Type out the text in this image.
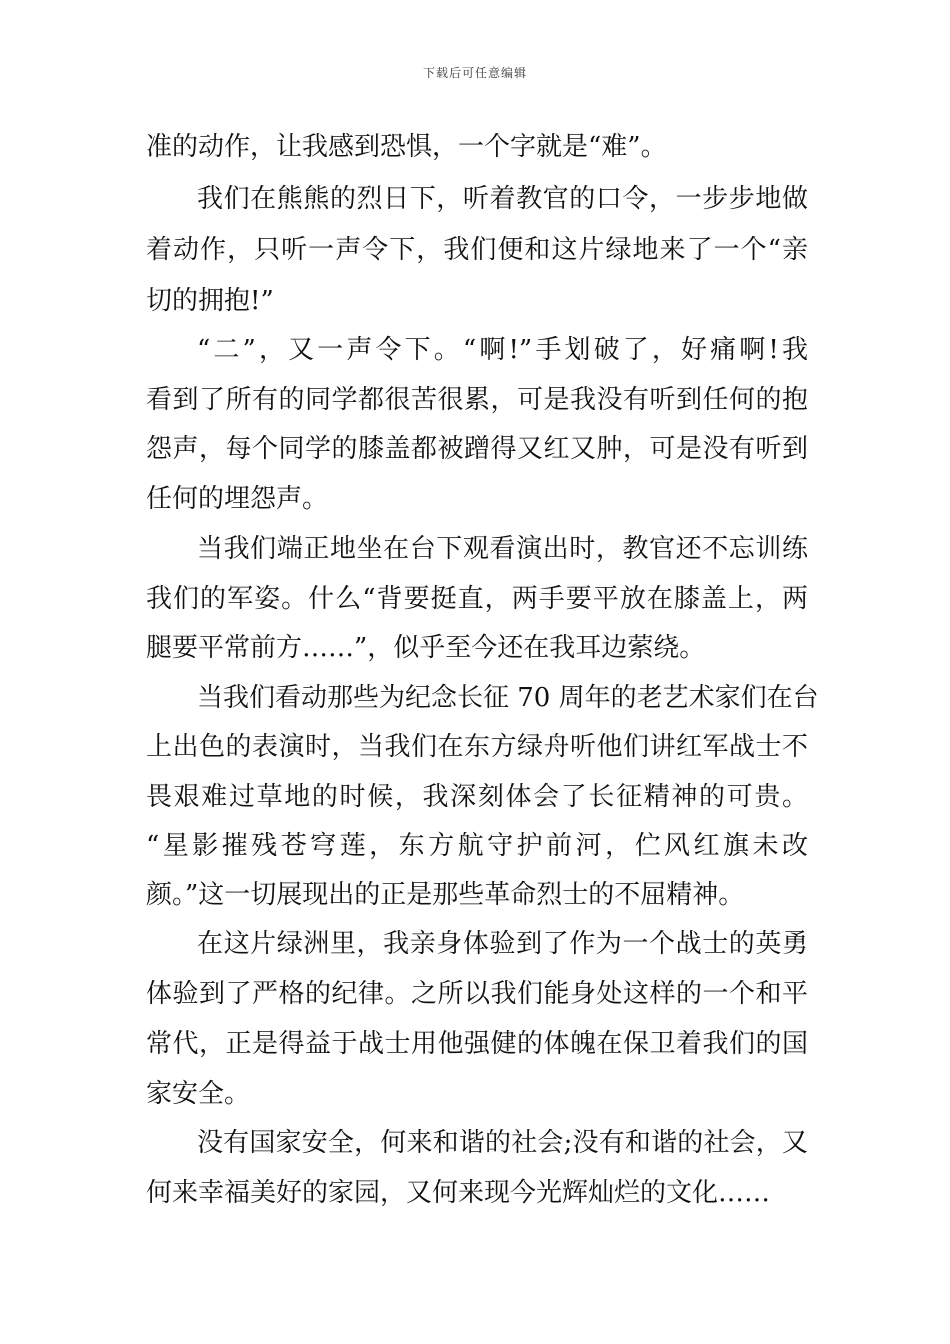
下载后可任意编辑
准的动作，让我感到恐惧，一个字就是“难”。
我们在熊熊的烈日下，听着教官的口令，一步步地做
着动作，只听一声令下，我们便和这片绿地来了一个“亲
切的拥抱!”
“二”，又一声令下。“啊!”手划破了，好痛啊!我
看到了所有的同学都很苦很累，可是我没有听到任何的抱
怨声，每个同学的膝盖都被蹭得又红又肿，可是没有听到
任何的埋怨声。
当我们端正地坐在台下观看演出时，教官还不忘训练
我们的军姿。什么“背要挺直，两手要平放在膝盖上，两
腿要平常前方……”，似乎至今还在我耳边萦绕。
当我们看动那些为纪念长征 70 周年的老艺术家们在台
上出色的表演时，当我们在东方绿舟听他们讲红军战士不
畏艰难过草地的时候，我深刻体会了长征精神的可贵。
“星影摧残苍穹莲，东方航守护前河，伫风红旗未改
颜。”这一切展现出的正是那些革命烈士的不屈精神。
在这片绿洲里，我亲身体验到了作为一个战士的英勇
体验到了严格的纪律。之所以我们能身处这样的一个和平
常代，正是得益于战士用他强健的体魄在保卫着我们的国
家安全。
没有国家安全，何来和谐的社会;没有和谐的社会，又
何来幸福美好的家园，又何来现今光辉灿烂的文化……
